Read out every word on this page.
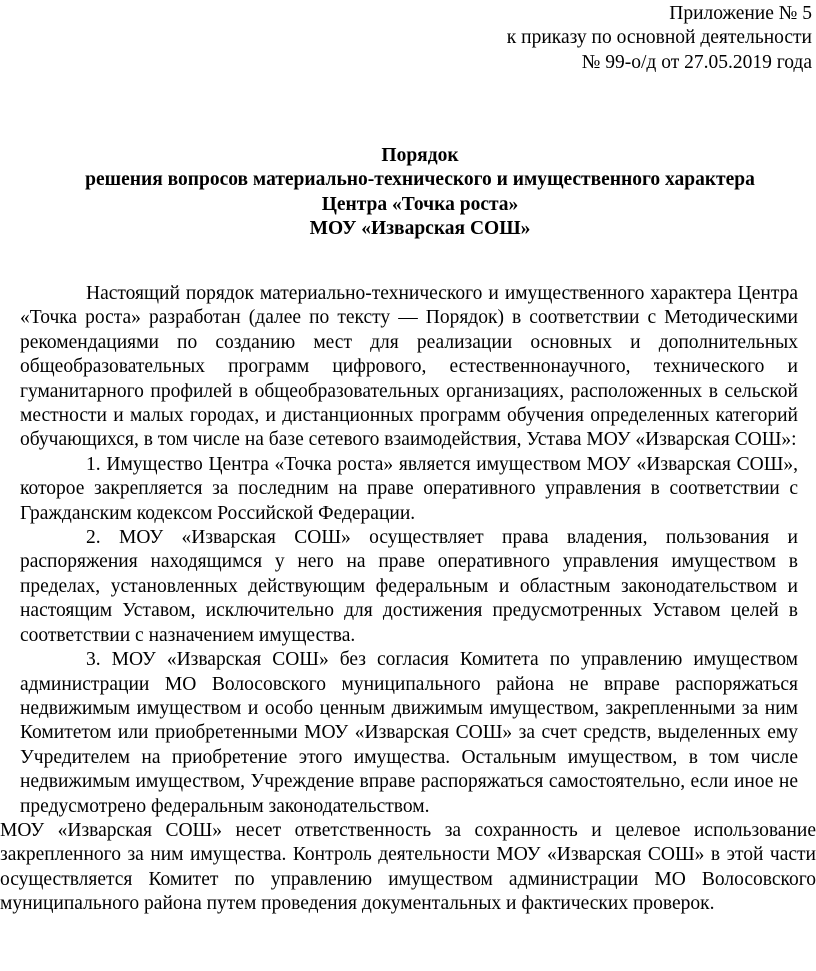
Приложение № 5
к приказу по основной деятельности
№ 99-о/д от 27.05.2019 года
Порядок
решения вопросов материально-технического и имущественного характера
Центра «Точка роста»
МОУ «Изварская СОШ»

Настоящий порядок материально-технического и имущественного характера Центра «Точка роста» разработан (далее по тексту — Порядок) в соответствии с Методическими рекомендациями по созданию мест для реализации основных и дополнительных общеобразовательных программ цифрового, естественнонаучного, технического и гуманитарного профилей в общеобразовательных организациях, расположенных в сельской местности и малых городах, и дистанционных программ обучения определенных категорий обучающихся, в том числе на базе сетевого взаимодействия, Устава МОУ «Изварская СОШ»:

1. Имущество Центра «Точка роста» является имуществом МОУ «Изварская СОШ», которое закрепляется за последним на праве оперативного управления в соответствии с Гражданским кодексом Российской Федерации.

2. МОУ «Изварская СОШ» осуществляет права владения, пользования и распоряжения находящимся у него на праве оперативного управления имуществом в пределах, установленных действующим федеральным и областным законодательством и настоящим Уставом, исключительно для достижения предусмотренных Уставом целей в соответствии с назначением имущества.

3. МОУ «Изварская СОШ» без согласия Комитета по управлению имуществом администрации МО Волосовского муниципального района не вправе распоряжаться недвижимым имуществом и особо ценным движимым имуществом, закрепленными за ним Комитетом или приобретенными МОУ «Изварская СОШ» за счет средств, выделенных ему Учредителем на приобретение этого имущества. Остальным имуществом, в том числе недвижимым имуществом, Учреждение вправе распоряжаться самостоятельно, если иное не предусмотрено федеральным законодательством.

МОУ «Изварская СОШ» несет ответственность за сохранность и целевое использование закрепленного за ним имущества. Контроль деятельности МОУ «Изварская СОШ» в этой части осуществляется Комитет по управлению имуществом администрации МО Волосовского муниципального района путем проведения документальных и фактических проверок.
